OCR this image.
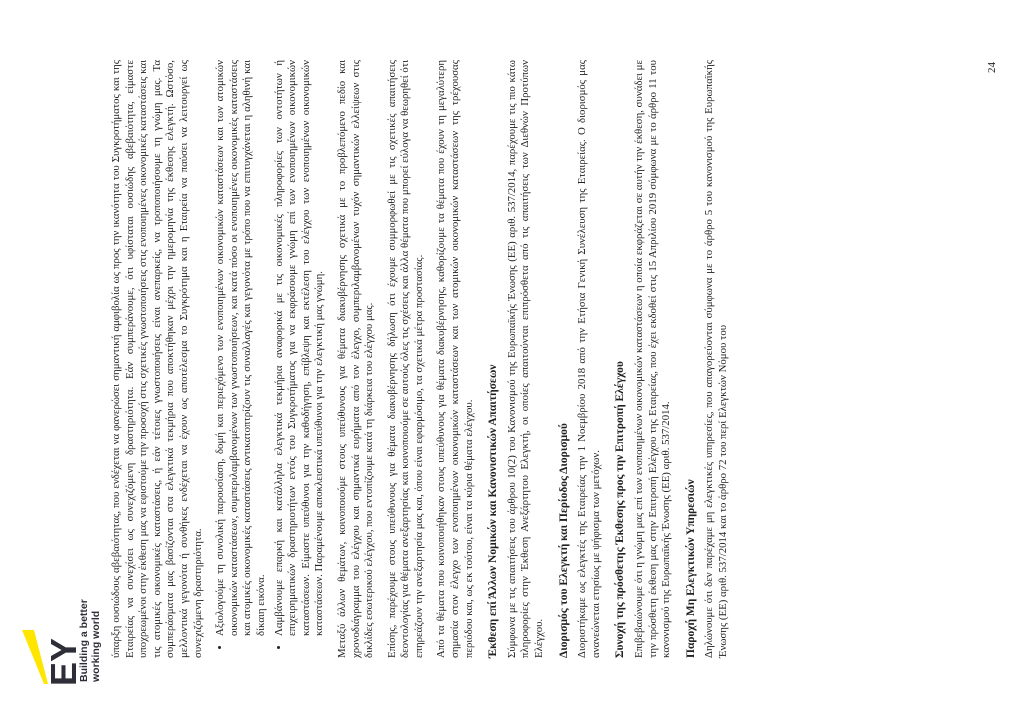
EY
Building a better working world ύπαρξη ουσιώδους αβεβαιότητας, που ενδέχεται να φανερώσει σημαντική αμφιβολία ως προς την ικανότητα του Συγκροτήματος και της Εταιρείας να συνεχίσει ως συνεχιζόμενη δραστηριότητα. Εάν συμπεράνουμε, ότι υφίσταται ουσιώδης αβεβαιότητα, είμαστε υποχρεωμένοι στην έκθεση μας να εφιστούμε την προσοχή στις σχετικές γνωστοποιήσεις στις ενοποιημένες οικονομικές καταστάσεις και τις ατομικές οικονομικές καταστάσεις, ή εάν τέτοιες γνωστοποιήσεις είναι ανεπαρκείς, να τροποποιήσουμε τη γνώμη μας. Τα συμπεράσματα μας βασίζονται στα ελεγκτικά τεκμήρια που αποκτήθηκαν μέχρι την ημερομηνία της έκθεσης ελεγκτή. Ωστόσο, μελλοντικά γεγονότα ή συνθήκες ενδέχεται να έχουν ως αποτέλεσμα το Συγκρότημα και η Εταιρεία να παύσει να λειτουργεί ως συνεχιζόμενη δραστηριότητα. • Αξιολογούμε τη συνολική παρουσίαση, δομή και περιεχόμενο των ενοποιημένων οικονομικών καταστάσεων και των ατομικών οικονομικών καταστάσεων, συμπεριλαμβανομένων των γνωστοποιήσεων, και κατά πόσο οι ενοποιημένες οικονομικές καταστάσεις και ατομικές οικονομικές καταστάσεις αντικατοπτρίζουν τις συναλλαγές και γεγονότα με τρόπο που να επιτυγχάνεται η αληθινή και δίκαιη εικόνα. • Λαμβάνουμε επαρκή και κατάλληλα ελεγκτικά τεκμήρια αναφορικά με τις οικονομικές πληροφορίες των οντοτήτων ή επιχειρηματικών δραστηριοτήτων εντός του Συγκροτήματος για να εκφράσουμε γνώμη επί των ενοποιημένων οικονομικών καταστάσεων. Είμαστε υπεύθυνοι για την καθοδήγηση, επίβλεψη και εκτέλεση του ελέγχου των ενοποιημένων οικονομικών καταστάσεων. Παραμένουμε αποκλειστικά υπεύθυνοι για την ελεγκτική μας γνώμη. Μεταξύ άλλων θεμάτων, κοινοποιούμε στους υπεύθυνους για θέματα διακυβέρνησης σχετικά με το προβλεπόμενο πεδίο και χρονοδιάγραμμα του ελέγχου και σημαντικά ευρήματα από τον έλεγχο, συμπεριλαμβανομένων τυχόν σημαντικών ελλείψεων στις δικλίδες εσωτερικού ελέγχου, που εντοπίζουμε κατά τη διάρκεια του ελέγχου μας. Επίσης, παρέχουμε στους υπεύθυνους για θέματα διακυβέρνησης δήλωση ότι έχουμε συμμορφωθεί με τις σχετικές απαιτήσεις δεοντολογίας για θέματα ανεξαρτησίας και κοινοποιούμε σε αυτούς όλες τις σχέσεις και άλλα θέματα που μπορεί εύλογα να θεωρηθεί ότι επηρεάζουν την ανεξαρτησία μας και, όπου είναι εφαρμόσιμο, τα σχετικά μέτρα προστασίας. Από τα θέματα που κοινοποιήθηκαν στους υπεύθυνους για θέματα διακυβέρνησης, καθορίζουμε τα θέματα που έχουν τη μεγαλύτερη σημασία στον έλεγχο των ενοποιημένων οικονομικών καταστάσεων και των ατομικών οικονομικών καταστάσεων της τρέχουσας περιόδου και, ως εκ τούτου, είναι τα κύρια θέματα ελέγχου. Έκθεση επί Άλλων Νομικών και Κανονιστικών Απαιτήσεων Σύμφωνα με τις απαιτήσεις του άρθρου 10(2) του Κανονισμού της Ευρωπαϊκής Ένωσης (ΕΕ) αριθ. 537/2014, παρέχουμε τις πιο κάτω πληροφορίες στην Έκθεση Ανεξάρτητου Ελεγκτή, οι οποίες απαιτούνται επιπρόσθετα από τις απαιτήσεις των Διεθνών Προτύπων Ελέγχου. Διορισμός του Ελεγκτή και Περίοδος Διορισμού Διοριστήκαμε ως ελεγκτές της Εταιρείας την 1 Νοεμβρίου 2018 από την Ετήσια Γενική Συνέλευση της Εταιρείας. Ο διορισμός μας ανανεώνεται ετησίως με ψήφισμα των μετόχων. Συνοχή της πρόσθετης Έκθεσης προς την Επιτροπή Ελέγχου Επιβεβαιώνουμε ότι η γνώμη μας επί των ενοποιημένων οικονομικών καταστάσεων η οποία εκφράζεται σε αυτήν την έκθεση, συνάδει με την πρόσθετη έκθεση μας στην Επιτροπή Ελέγχου της Εταιρείας, που έχει εκδοθεί στις 15 Απριλίου 2019 σύμφωνα με το άρθρο 11 του κανονισμού της Ευρωπαϊκής Ένωσης (ΕΕ) αριθ. 537/2014. Παροχή Μη Ελεγκτικών Υπηρεσιών Δηλώνουμε ότι δεν παρέχαμε μη ελεγκτικές υπηρεσίες, που απαγορεύονται σύμφωνα με το άρθρο 5 του κανονισμού της Ευρωπαϊκής Ένωσης (ΕΕ) αριθ. 537/2014 και το άρθρο 72 του περί Ελεγκτών Νόμου του

24
